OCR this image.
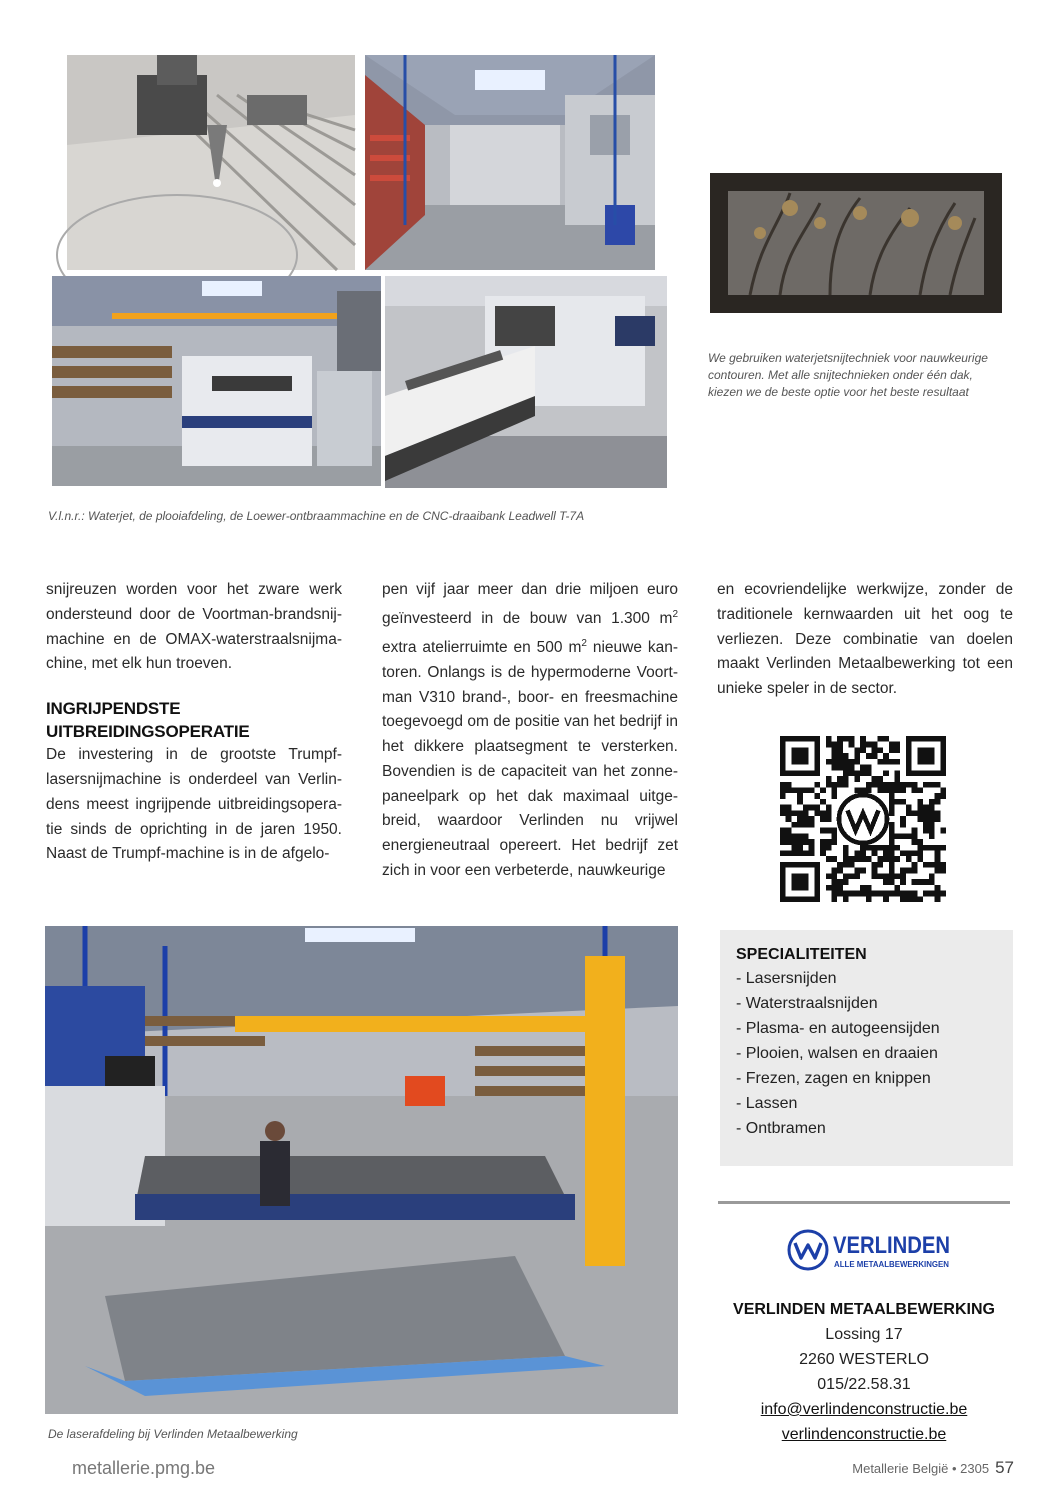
We gebruiken waterjetsnijtechniek voor nauwkeurige contouren. Met alle snijtechnieken onder één dak, kiezen we de beste optie voor het beste resultaat
V.l.n.r.: Waterjet, de plooiafdeling, de Loewer-ontbraammachine en de CNC-draaibank Leadwell T-7A

snijreuzen worden voor het zware werk ondersteund door de Voortman-brandsnij-machine en de OMAX-waterstraalsnijma-chine, met elk hun troeven.

INGRIJPENDSTE UITBREIDINGSOPERATIE

De investering in de grootste Trumpf-lasersnijmachine is onderdeel van Verlin-dens meest ingrijpende uitbreidingsopera-tie sinds de oprichting in de jaren 1950. Naast de Trumpf-machine is in de afgelo-

pen vijf jaar meer dan drie miljoen euro geïnvesteerd in de bouw van 1.300 $m^2$ extra atelierruimte en 500 $m^2$ nieuwe kan-toren. Onlangs is de hypermoderne Voort-man V310 brand-, boor- en freesmachine toegevoegd om de positie van het bedrijf in het dikkere plaatsegment te versterken. Bovendien is de capaciteit van het zonne-paneelpark op het dak maximaal uitge-breid, waardoor Verlinden nu vrijwel energieneutraal opereert. Het bedrijf zet zich in voor een verbeterde, nauwkeurige

en ecovriendelijke werkwijze, zonder de traditionele kernwaarden uit het oog te verliezen. Deze combinatie van doelen maakt Verlinden Metaalbewerking tot een unieke speler in de sector.

De laserafdeling bij Verlinden Metaalbewerking
SPECIALITEITEN
- Lasersnijden
- Waterstraalsnijden
- Plasma- en autogeensijden
- Plooien, walsen en draaien
- Frezen, zagen en knippen
- Lassen
- Ontbramen
VERLINDEN
ALLE METAALBEWERKINGEN
VERLINDEN METAALBEWERKING
Lossing 17
2260 WESTERLO
015/22.58.31
info@verlindenconstructie.be
verlindenconstructie.be
metallerie.pmg.be	Metallerie België • 2305 57
